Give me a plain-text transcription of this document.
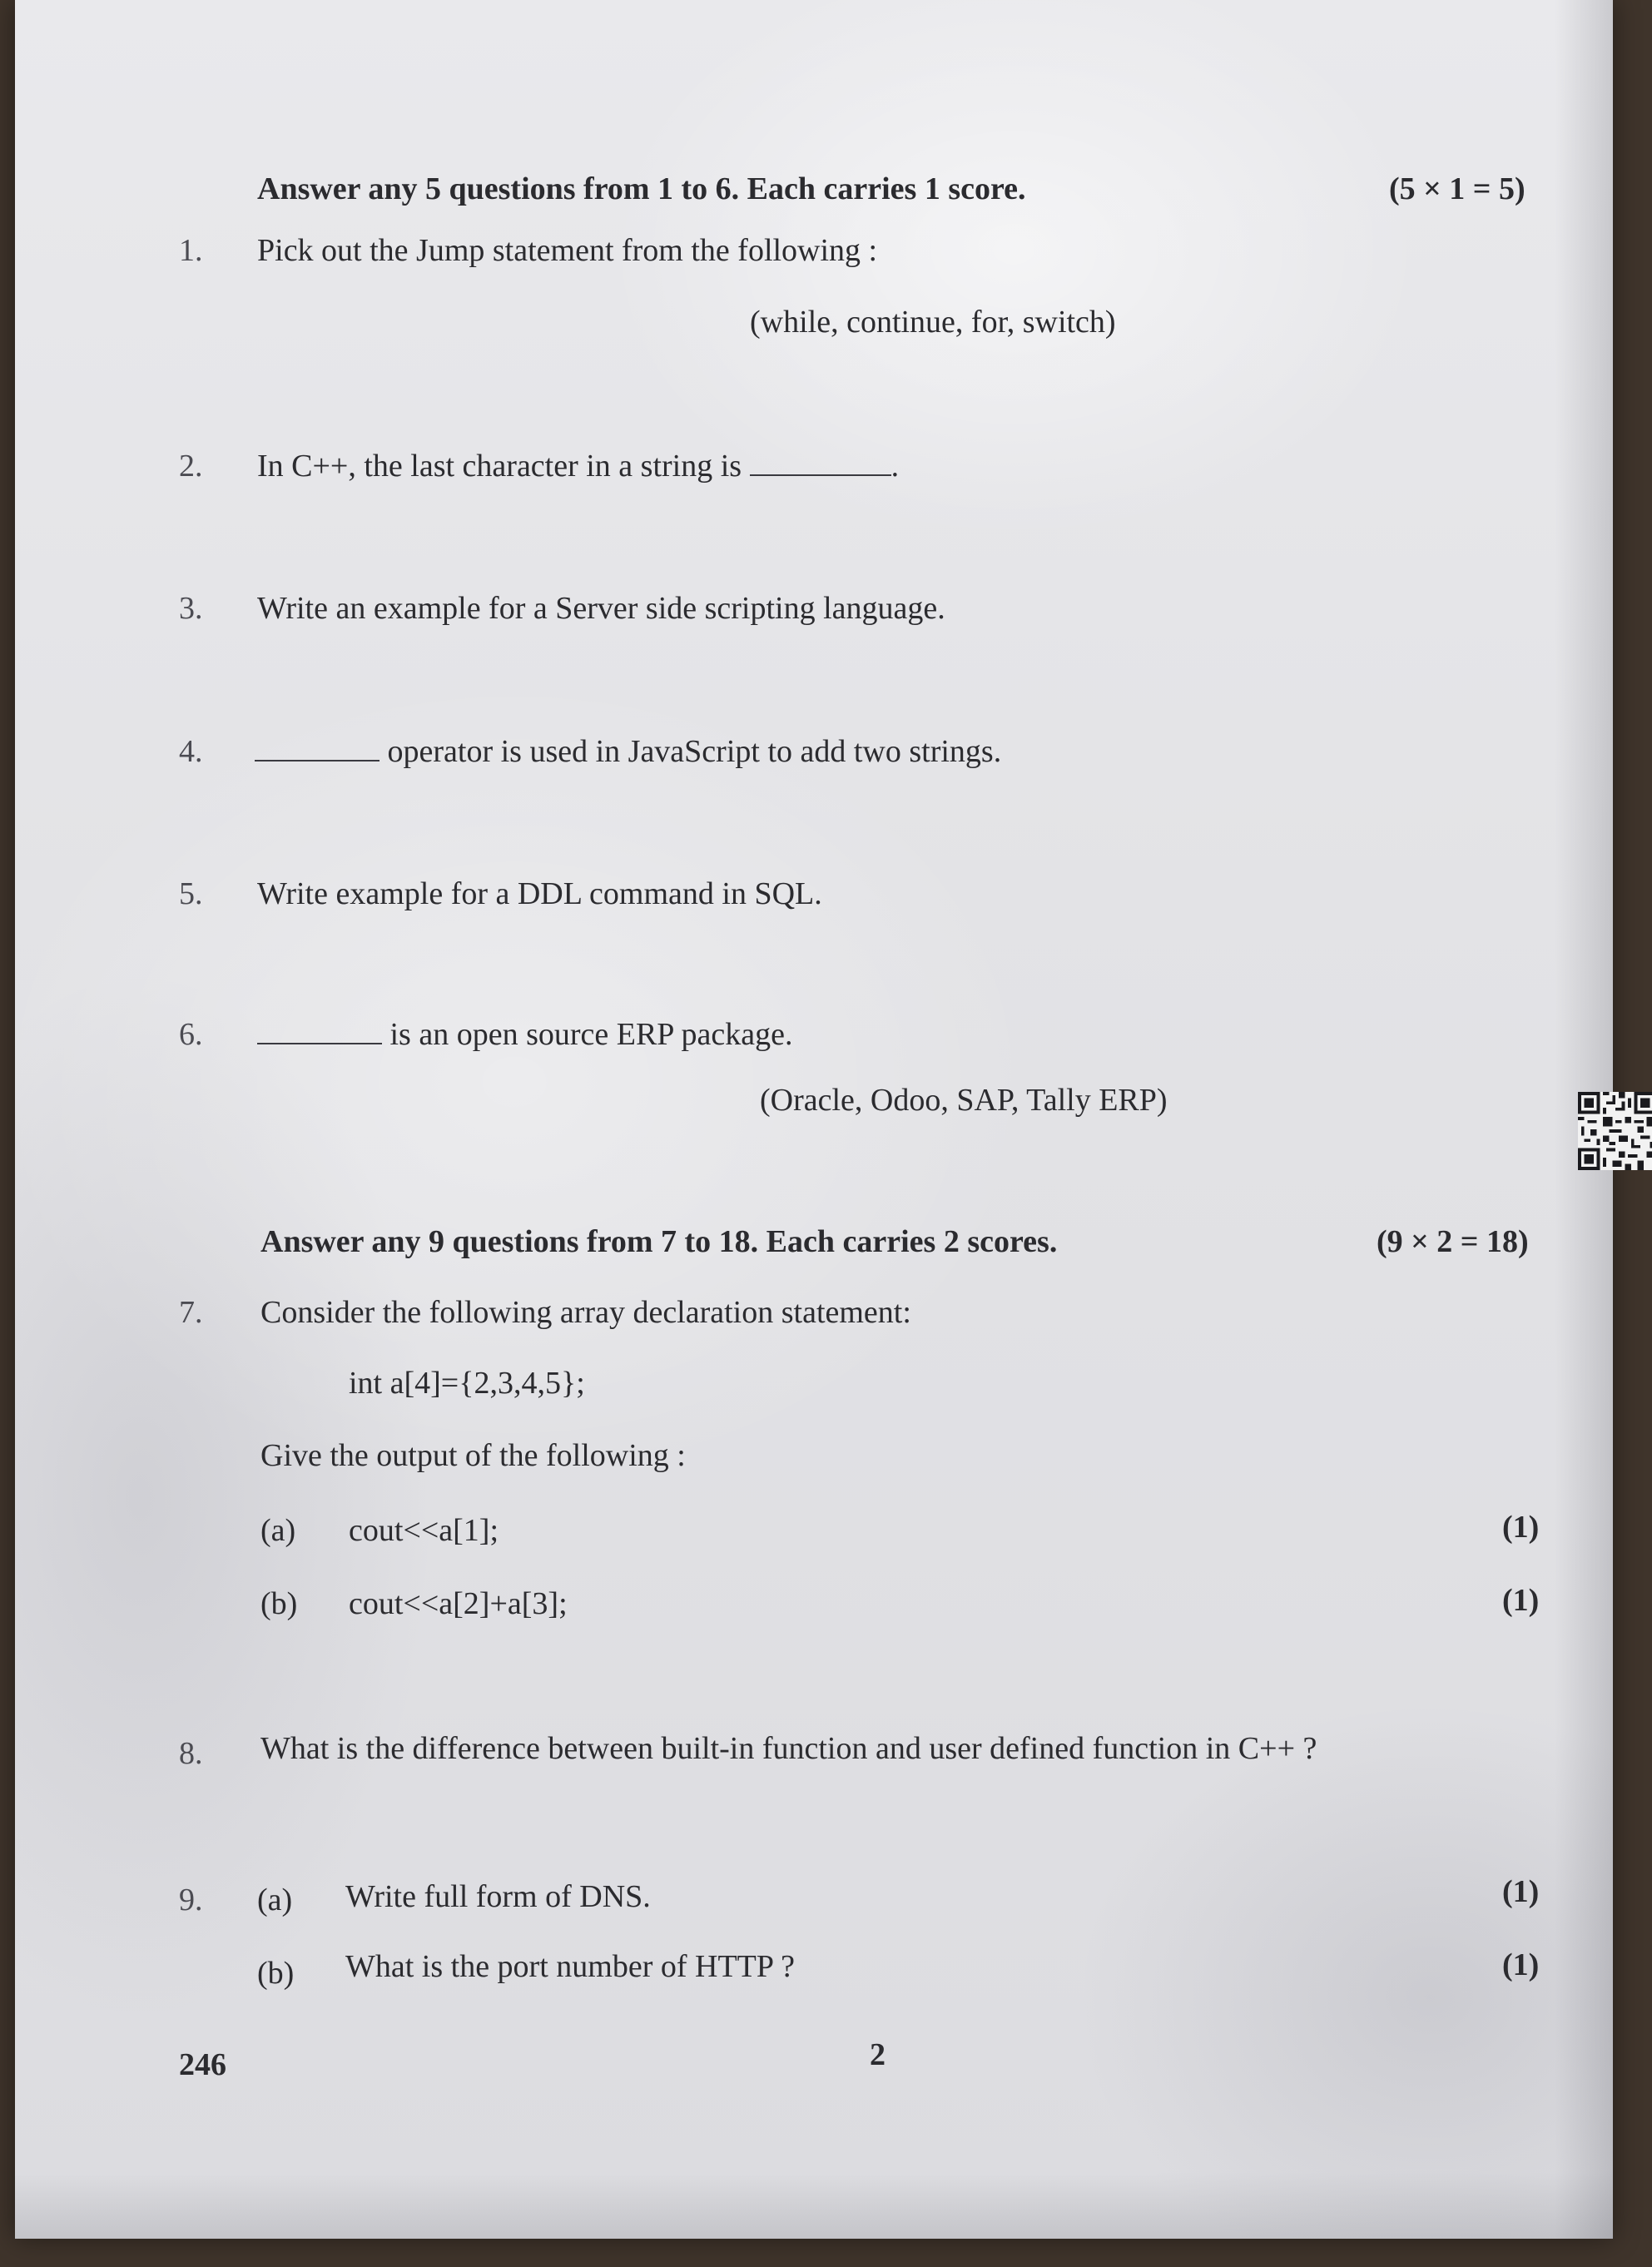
Answer any 5 questions from 1 to 6. Each carries 1 score.	(5 × 1 = 5)
1. Pick out the Jump statement from the following :
(while, continue, for, switch)
2. In C++, the last character in a string is	.
3. Write an example for a Server side scripting language.
4.	operator is used in JavaScript to add two strings.
5. Write example for a DDL command in SQL.
6.	is an open source ERP package.
(Oracle, Odoo, SAP, Tally ERP)
Answer any 9 questions from 7 to 18. Each carries 2 scores.	(9 × 2 = 18)
7. Consider the following array declaration statement:
int a[4]={2,3,4,5};
Give the output of the following :
(a) cout<<a[1];	(1)
(b) cout<<a[2]+a[3];	(1)
8. What is the difference between built-in function and user defined function in C++ ?
9. (a) Write full form of DNS.	(1)
(b) What is the port number of HTTP ?	(1)
246	2
